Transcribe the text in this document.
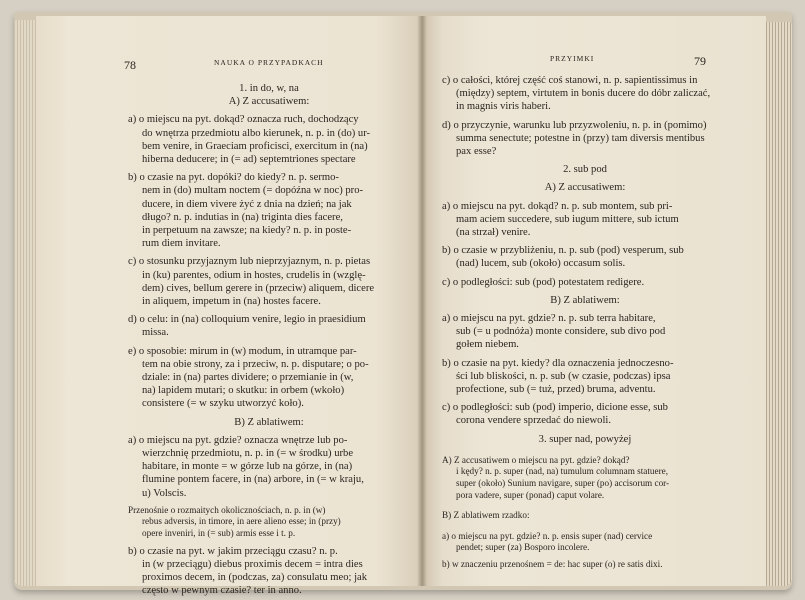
78	NAUKA O PRZYPADKACH

1. in do, w, na

A) Z accusatiwem:

a) o miejscu na pyt. dokąd? oznacza ruch, dochodzący
do wnętrza przedmiotu albo kierunek, n. p. in (do) ur-
bem venire, in Graeciam proficisci, exercitum in (na)
hiberna deducere; in (= ad) septemtriones spectare
b) o czasie na pyt. dopóki? do kiedy? n. p. sermo-
nem in (do) multam noctem (= dopóźna w noc) pro-
ducere, in diem vivere żyć z dnia na dzień; na jak
długo? n. p. indutias in (na) triginta dies facere,
in perpetuum na zawsze; na kiedy? n. p. in poste-
rum diem invitare.
c) o stosunku przyjaznym lub nieprzyjaznym, n. p. pietas
in (ku) parentes, odium in hostes, crudelis in (wzglę-
dem) cives, bellum gerere in (przeciw) aliquem, dicere
in aliquem, impetum in (na) hostes facere.
d) o celu: in (na) colloquium venire, legio in praesidium
missa.
e) o sposobie: mirum in (w) modum, in utramque par-
tem na obie strony, za i przeciw, n. p. disputare; o po-
dziale: in (na) partes dividere; o przemianie in (w,
na) lapidem mutari; o skutku: in orbem (wkoło)
consistere (= w szyku utworzyć koło).

B) Z ablatiwem:

a) o miejscu na pyt. gdzie? oznacza wnętrze lub po-
wierzchnię przedmiotu, n. p. in (= w środku) urbe
habitare, in monte = w górze lub na górze, in (na)
flumine pontem facere, in (na) arbore, in (= w kraju,
u) Volscis.
Przenośnie o rozmaitych okolicznościach, n. p. in (w)
rebus adversis, in timore, in aere alieno esse; in (przy)
opere inveniri, in (= sub) armis esse i t. p.
b) o czasie na pyt. w jakim przeciągu czasu? n. p.
in (w przeciągu) diebus proximis decem = intra dies
proximos decem, in (podczas, za) consulatu meo; jak
często w pewnym czasie? ter in anno.
PRZYIMKI	79
c) o całości, której część coś stanowi, n. p. sapientissimus in
(między) septem, virtutem in bonis ducere do dóbr zaliczać,
in magnis viris haberi.
d) o przyczynie, warunku lub przyzwoleniu, n. p. in (pomimo)
summa senectute; potestne in (przy) tam diversis mentibus
pax esse?

2. sub pod

A) Z accusatiwem:

a) o miejscu na pyt. dokąd? n. p. sub montem, sub pri-
mam aciem succedere, sub iugum mittere, sub ictum
(na strzał) venire.
b) o czasie w przybliżeniu, n. p. sub (pod) vesperum, sub
(nad) lucem, sub (około) occasum solis.
c) o podległości: sub (pod) potestatem redigere.

B) Z ablatiwem:

a) o miejscu na pyt. gdzie? n. p. sub terra habitare,
sub (= u podnóża) monte considere, sub divo pod
gołem niebem.
b) o czasie na pyt. kiedy? dla oznaczenia jednoczesno-
ści lub bliskości, n. p. sub (w czasie, podczas) ipsa
profectione, sub (= tuż, przed) bruma, adventu.
c) o podległości: sub (pod) imperio, dicione esse, sub
corona vendere sprzedać do niewoli.

3. super nad, powyżej

A) Z accusatiwem o miejscu na pyt. gdzie? dokąd?
i kędy? n. p. super (nad, na) tumulum columnam statuere,
super (około) Sunium navigare, super (po) accisorum cor-
pora vadere, super (ponad) caput volare.
B) Z ablatiwem rzadko:
a) o miejscu na pyt. gdzie? n. p. ensis super (nad) cervice
pendet; super (za) Bosporo incolere.
b) w znaczeniu przenośnem = de: hac super (o) re satis dixi.
